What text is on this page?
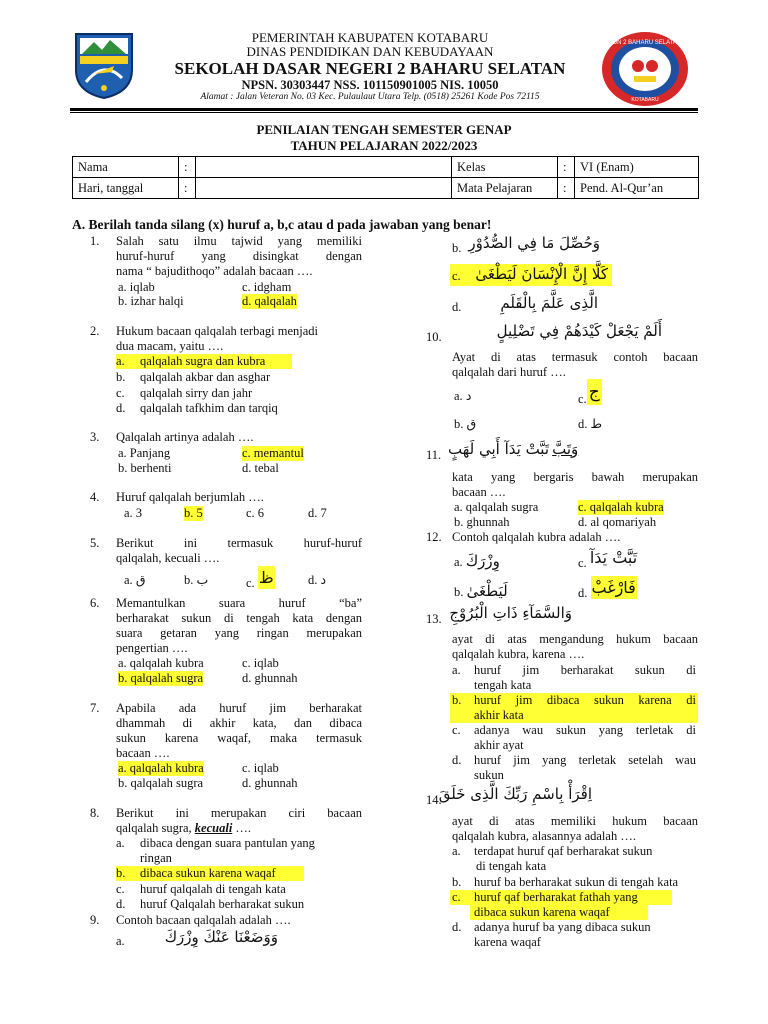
SDN 2 BAHARU SELATAN
KOTABARU
PEMERINTAH KABUPATEN KOTABARU
DINAS PENDIDIKAN DAN KEBUDAYAAN
SEKOLAH DASAR NEGERI 2 BAHARU SELATAN
NPSN. 30303447 NSS. 101150901005 NIS. 10050
Alamat : Jalan Veteran No. 03 Kec. Pulaulaut Utara Telp. (0518) 25261 Kode Pos 72115
PENILAIAN TENGAH SEMESTER GENAP
TAHUN PELAJARAN 2022/2023
Nama	:		Kelas	:	VI (Enam)
Hari, tanggal	:		Mata Pelajaran	:	Pend. Al-Qur’an
A. Berilah tanda silang (x) huruf a, b,c atau d pada jawaban yang benar!
1. Salah satu ilmu tajwid yang memiliki
huruf-huruf yang disingkat dengan
nama “ bajudithoqo” adalah bacaan ….
a. iqlab
b. izhar halqi
c. idgham
d. qalqalah
2. Hukum bacaan qalqalah terbagi menjadi
dua macam, yaitu ….
a. qalqalah sugra dan kubra
b. qalqalah akbar dan asghar
c. qalqalah sirry dan jahr
d. qalqalah tafkhim dan tarqiq
3. Qalqalah artinya adalah ….
a. Panjang
b. berhenti
c. memantul
d. tebal
4. Huruf qalqalah berjumlah ….
a. 3	b. 5	c. 6	d. 7
5. Berikut ini termasuk huruf-huruf
qalqalah, kecuali ….
a. ق	b. ب	c. ظ	d. د
6. Memantulkan suara huruf “ba”
berharakat sukun di tengah kata dengan
suara getaran yang ringan merupakan
pengertian ….
a. qalqalah kubra
b. qalqalah sugra
c. iqlab
d. ghunnah
7. Apabila ada huruf jim berharakat
dhammah di akhir kata, dan dibaca
sukun karena waqaf, maka termasuk
bacaan ….
a. qalqalah kubra
b. qalqalah sugra
c. iqlab
d. ghunnah
8. Berikut ini merupakan ciri bacaan
qalqalah sugra, kecuali ….
a. dibaca dengan suara pantulan yang
ringan
b. dibaca sukun karena waqaf
c. huruf qalqalah di tengah kata
d. huruf Qalqalah berharakat sukun
9. Contoh bacaan qalqalah adalah ….
a.	وَوَضَعْنَا عَنْكَ وِزْرَكَ
b. وَحُصِّلَ مَا فِي الصُّدُوْرِ
c. كَلَّا إِنَّ الْإِنْسَانَ لَيَطْغَىٰ
d.	الَّذِى عَلَّمَ بِالْقَلَمِ
10.	أَلَمْ يَجْعَلْ كَيْدَهُمْ فِي تَضْلِيلٍ
Ayat di atas termasuk contoh bacaan
qalqalah dari huruf ….
a. د
b. ق
c. ج
d. ط
11.	وَتَبَّ تَبَّتْ يَدَآ أَبِي لَهَبٍ
kata yang bergaris bawah merupakan
bacaan ….
a. qalqalah sugra
b. ghunnah
c. qalqalah kubra
d. al qomariyah
12. Contoh qalqalah kubra adalah ….
a. وِزْرَكَ
b. لَيَطْغَىٰ
c. تَبَّتْ يَدَآ
d. فَارْغَبْ
13. وَالسَّمَآءِ ذَاتِ الْبُرُوْجِ
ayat di atas mengandung hukum bacaan
qalqalah kubra, karena ….
a. huruf jim berharakat sukun di
tengah kata
b. huruf jim dibaca sukun karena di
akhir kata
c. adanya wau sukun yang terletak di
akhir ayat
d. huruf jim yang terletak setelah wau
sukun
14.
اِقْرَأْ بِاسْمِ رَبِّكَ الَّذِى خَلَقَ
ayat di atas memiliki hukum bacaan
qalqalah kubra, alasannya adalah ….
a. terdapat huruf qaf berharakat sukun
di tengah kata
b. huruf ba berharakat sukun di tengah kata
c. huruf qaf berharakat fathah yang
dibaca sukun karena waqaf
d. adanya huruf ba yang dibaca sukun
karena waqaf
